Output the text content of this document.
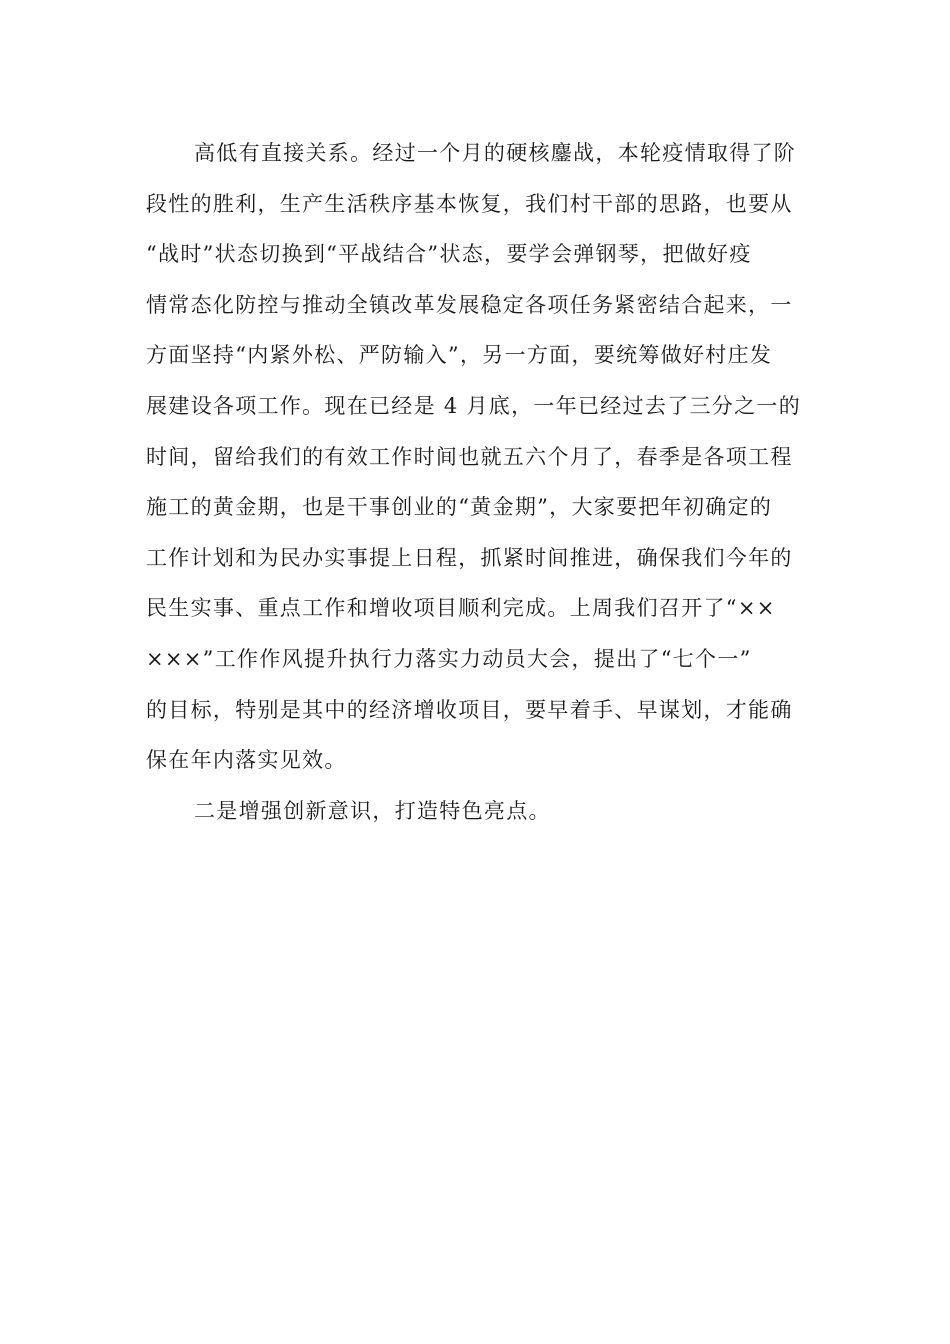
高低有直接关系。经过一个月的硬核鏖战，本轮疫情取得了阶
段性的胜利，生产生活秩序基本恢复，我们村干部的思路，也要从
“战时”状态切换到“平战结合”状态，要学会弹钢琴，把做好疫
情常态化防控与推动全镇改革发展稳定各项任务紧密结合起来，一
方面坚持“内紧外松、严防输入”，另一方面，要统筹做好村庄发
展建设各项工作。现在已经是 4 月底，一年已经过去了三分之一的
时间，留给我们的有效工作时间也就五六个月了，春季是各项工程
施工的黄金期，也是干事创业的“黄金期”，大家要把年初确定的
工作计划和为民办实事提上日程，抓紧时间推进，确保我们今年的
民生实事、重点工作和增收项目顺利完成。上周我们召开了“××
×××”工作作风提升执行力落实力动员大会，提出了“七个一”
的目标，特别是其中的经济增收项目，要早着手、早谋划，才能确
保在年内落实见效。
二是增强创新意识，打造特色亮点。
